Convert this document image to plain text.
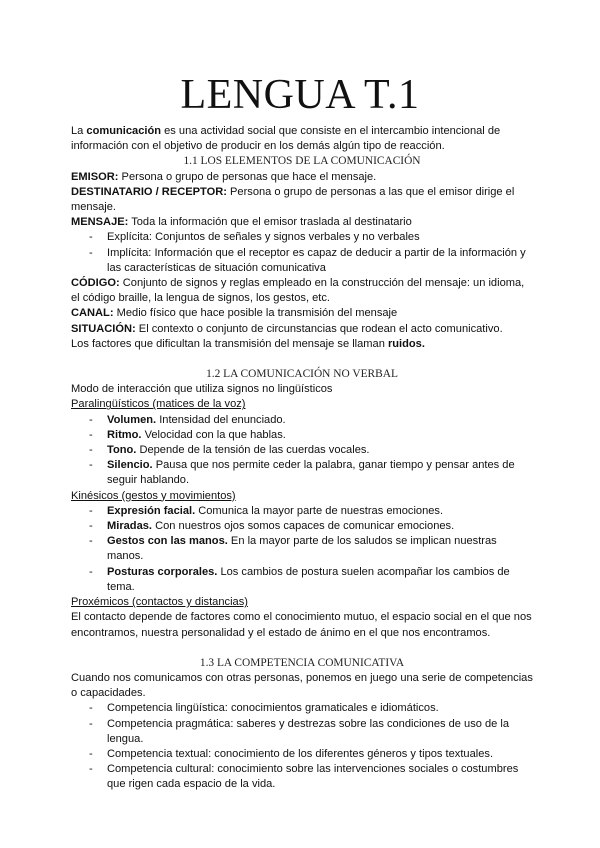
LENGUA T.1

La comunicación es una actividad social que consiste en el intercambio intencional de información con el objetivo de producir en los demás algún tipo de reacción.

1.1 LOS ELEMENTOS DE LA COMUNICACIÓN

EMISOR: Persona o grupo de personas que hace el mensaje.

DESTINATARIO / RECEPTOR: Persona o grupo de personas a las que el emisor dirige el mensaje.

MENSAJE: Toda la información que el emisor traslada al destinatario

- Explícita: Conjuntos de señales y signos verbales y no verbales
- Implícita: Información que el receptor es capaz de deducir a partir de la información y las características de situación comunicativa

CÓDIGO: Conjunto de signos y reglas empleado en la construcción del mensaje: un idioma, el código braille, la lengua de signos, los gestos, etc.

CANAL: Medio físico que hace posible la transmisión del mensaje

SITUACIÓN: El contexto o conjunto de circunstancias que rodean el acto comunicativo.

Los factores que dificultan la transmisión del mensaje se llaman ruidos.

1.2 LA COMUNICACIÓN NO VERBAL

Modo de interacción que utiliza signos no lingüísticos

Paralingüísticos (matices de la voz)

- Volumen. Intensidad del enunciado.
- Ritmo. Velocidad con la que hablas.
- Tono. Depende de la tensión de las cuerdas vocales.
- Silencio. Pausa que nos permite ceder la palabra, ganar tiempo y pensar antes de seguir hablando.

Kinésicos (gestos y movimientos)

- Expresión facial. Comunica la mayor parte de nuestras emociones.
- Miradas. Con nuestros ojos somos capaces de comunicar emociones.
- Gestos con las manos. En la mayor parte de los saludos se implican nuestras manos.
- Posturas corporales. Los cambios de postura suelen acompañar los cambios de tema.

Proxémicos (contactos y distancias)

El contacto depende de factores como el conocimiento mutuo, el espacio social en el que nos encontramos, nuestra personalidad y el estado de ánimo en el que nos encontramos.

1.3 LA COMPETENCIA COMUNICATIVA

Cuando nos comunicamos con otras personas, ponemos en juego una serie de competencias o capacidades.

- Competencia lingüística: conocimientos gramaticales e idiomáticos.
- Competencia pragmática: saberes y destrezas sobre las condiciones de uso de la lengua.
- Competencia textual: conocimiento de los diferentes géneros y tipos textuales.
- Competencia cultural: conocimiento sobre las intervenciones sociales o costumbres que rigen cada espacio de la vida.
